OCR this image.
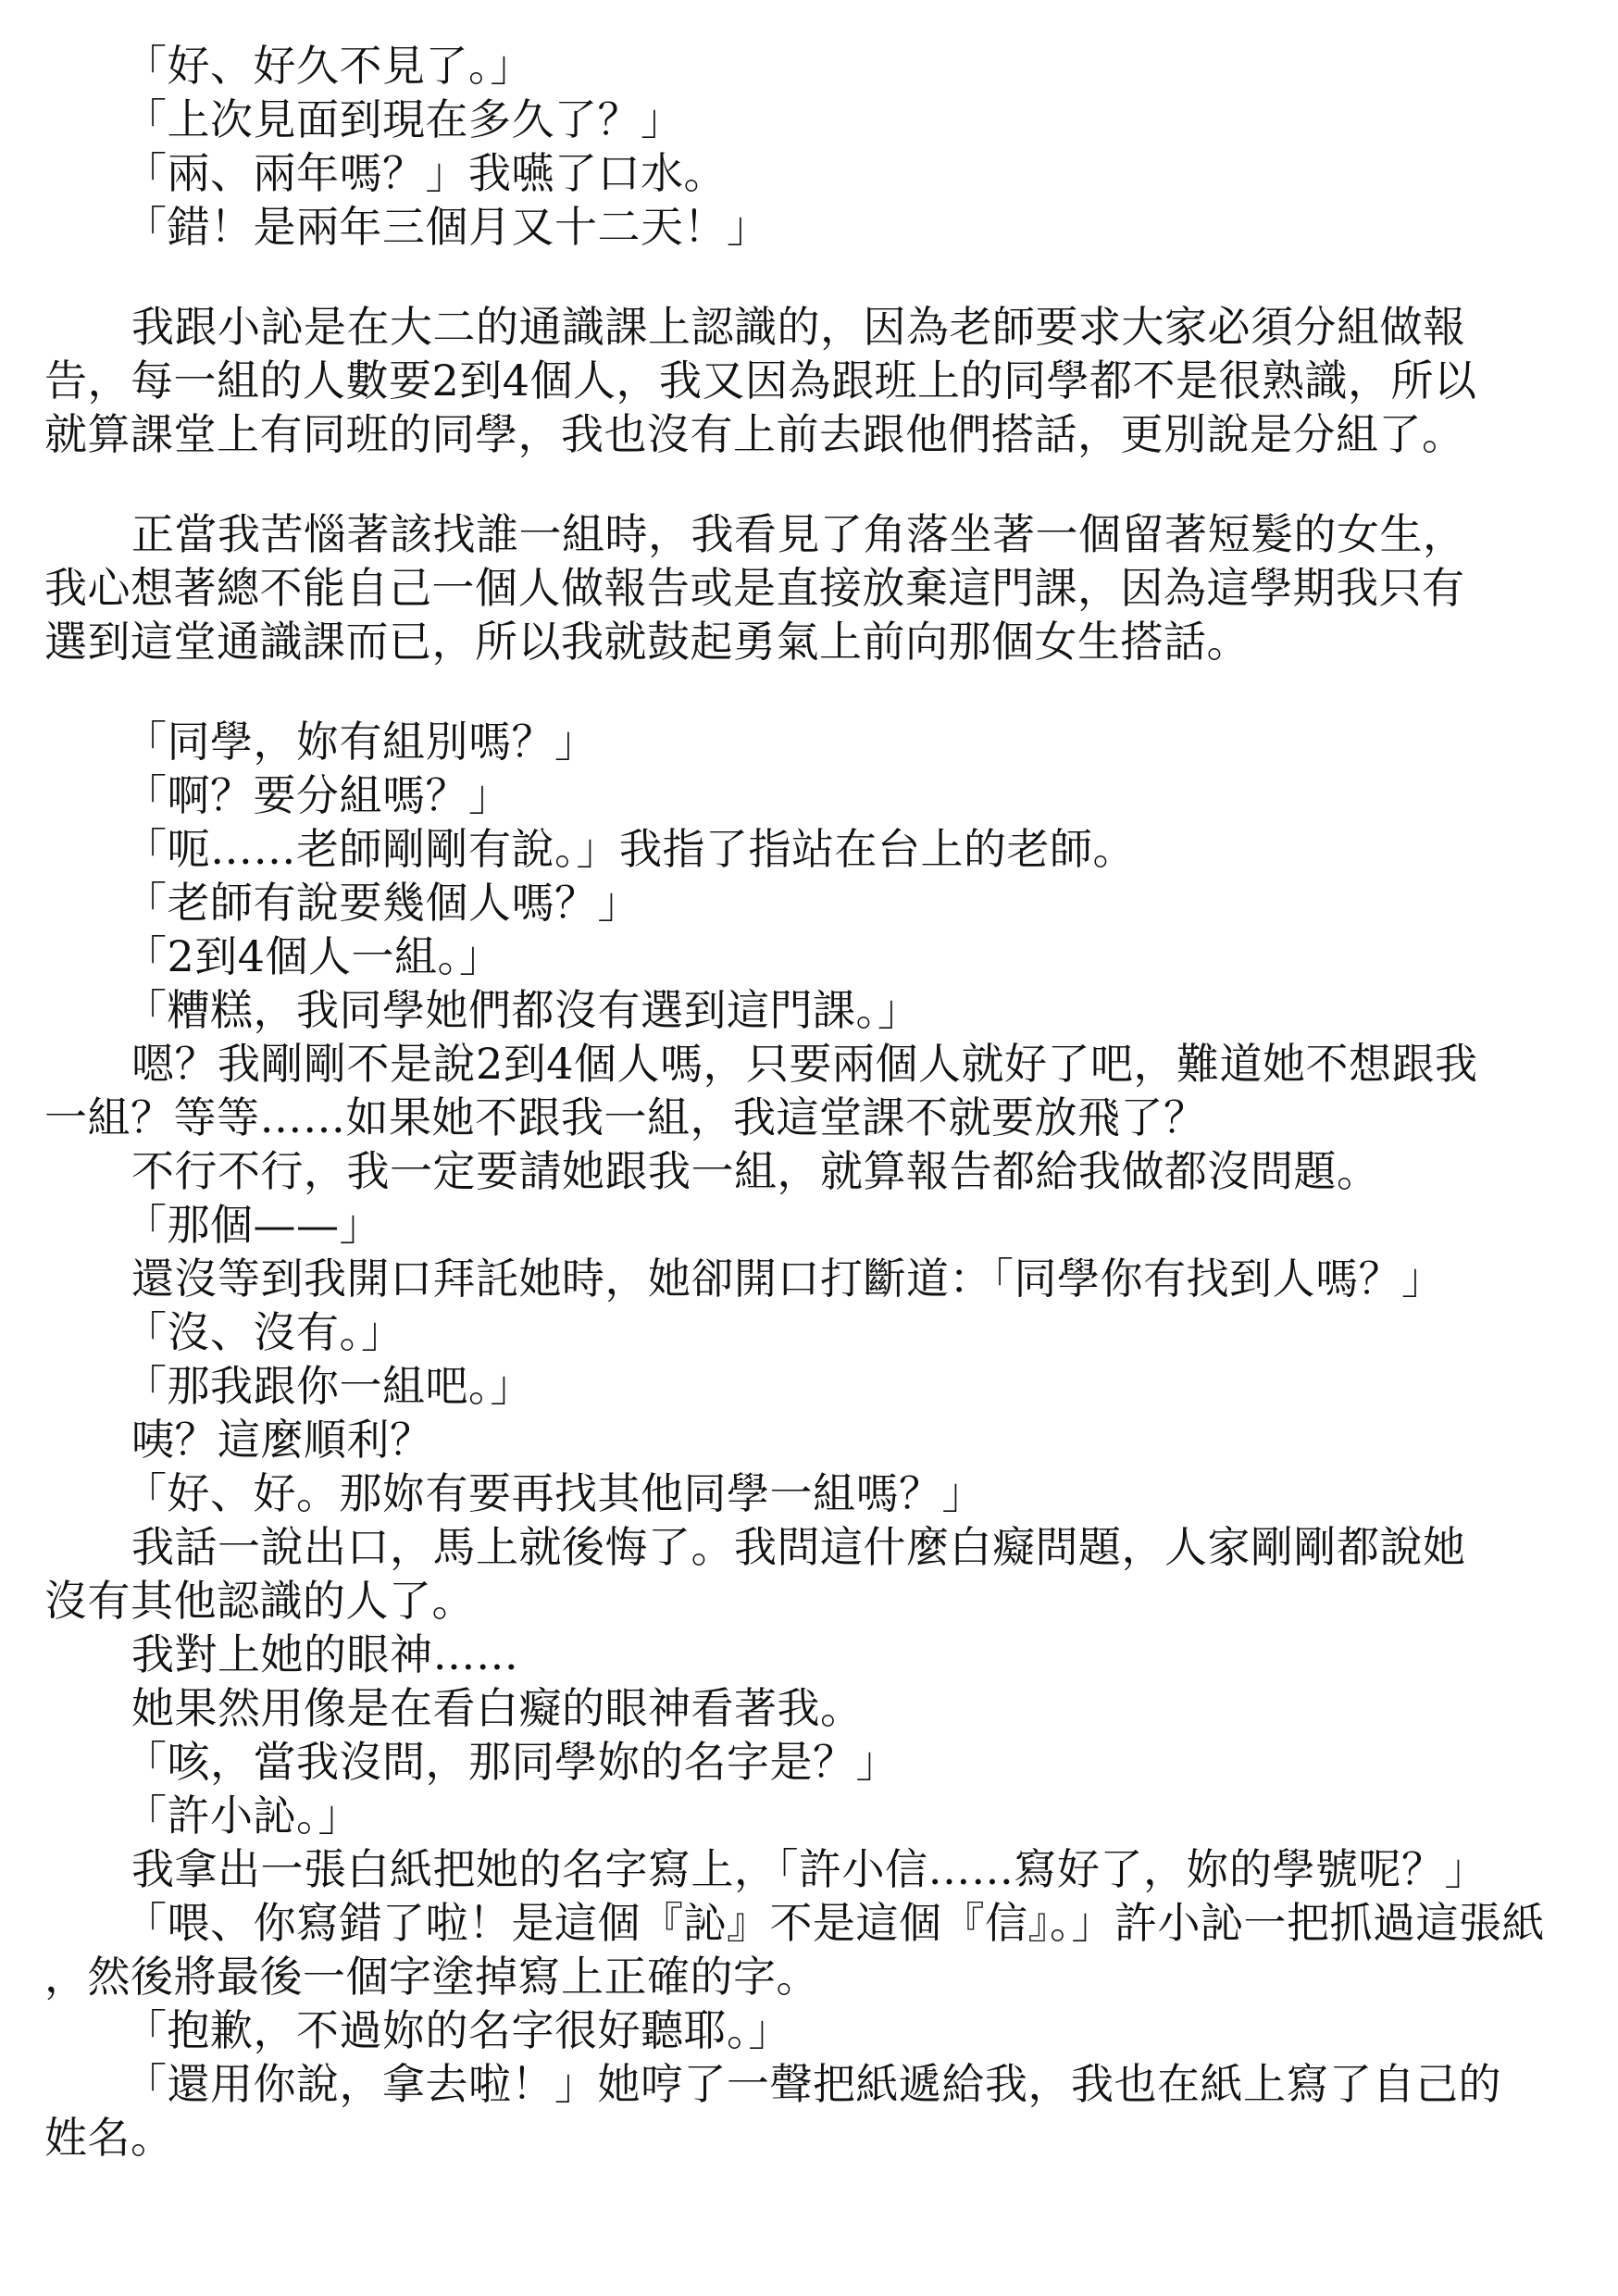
「好、好久不見了。」
「上次見面到現在多久了？」
「兩、兩年嗎？」我嚥了口水。
「錯！是兩年三個月又十二天！」
我跟小訫是在大二的通識課上認識的，因為老師要求大家必須分組做報
告，每一組的人數要2到4個人，我又因為跟班上的同學都不是很熟識，所以
就算課堂上有同班的同學，我也沒有上前去跟他們搭話，更別說是分組了。
正當我苦惱著該找誰一組時，我看見了角落坐著一個留著短髮的女生，
我心想著總不能自己一個人做報告或是直接放棄這門課，因為這學期我只有
選到這堂通識課而已，所以我就鼓起勇氣上前向那個女生搭話。
「同學，妳有組別嗎？」
「啊？要分組嗎？」
「呃……老師剛剛有說。」我指了指站在台上的老師。
「老師有說要幾個人嗎？」
「2到4個人一組。」
「糟糕，我同學她們都沒有選到這門課。」
嗯？我剛剛不是說2到4個人嗎，只要兩個人就好了吧，難道她不想跟我
一組？等等……如果她不跟我一組，我這堂課不就要放飛了？
不行不行，我一定要請她跟我一組，就算報告都給我做都沒問題。
「那個——」
還沒等到我開口拜託她時，她卻開口打斷道：「同學你有找到人嗎？」
「沒、沒有。」
「那我跟你一組吧。」
咦？這麼順利？
「好、好。那妳有要再找其他同學一組嗎？」
我話一說出口，馬上就後悔了。我問這什麼白癡問題，人家剛剛都說她
沒有其他認識的人了。
我對上她的眼神……
她果然用像是在看白癡的眼神看著我。
「咳，當我沒問，那同學妳的名字是？」
「許小訫。」
我拿出一張白紙把她的名字寫上，「許小信……寫好了，妳的學號呢？」
「喂、你寫錯了啦！是這個『訫』不是這個『信』。」許小訫一把抓過這張紙
，然後將最後一個字塗掉寫上正確的字。
「抱歉，不過妳的名字很好聽耶。」
「還用你說，拿去啦！」她哼了一聲把紙遞給我，我也在紙上寫了自己的
姓名。
